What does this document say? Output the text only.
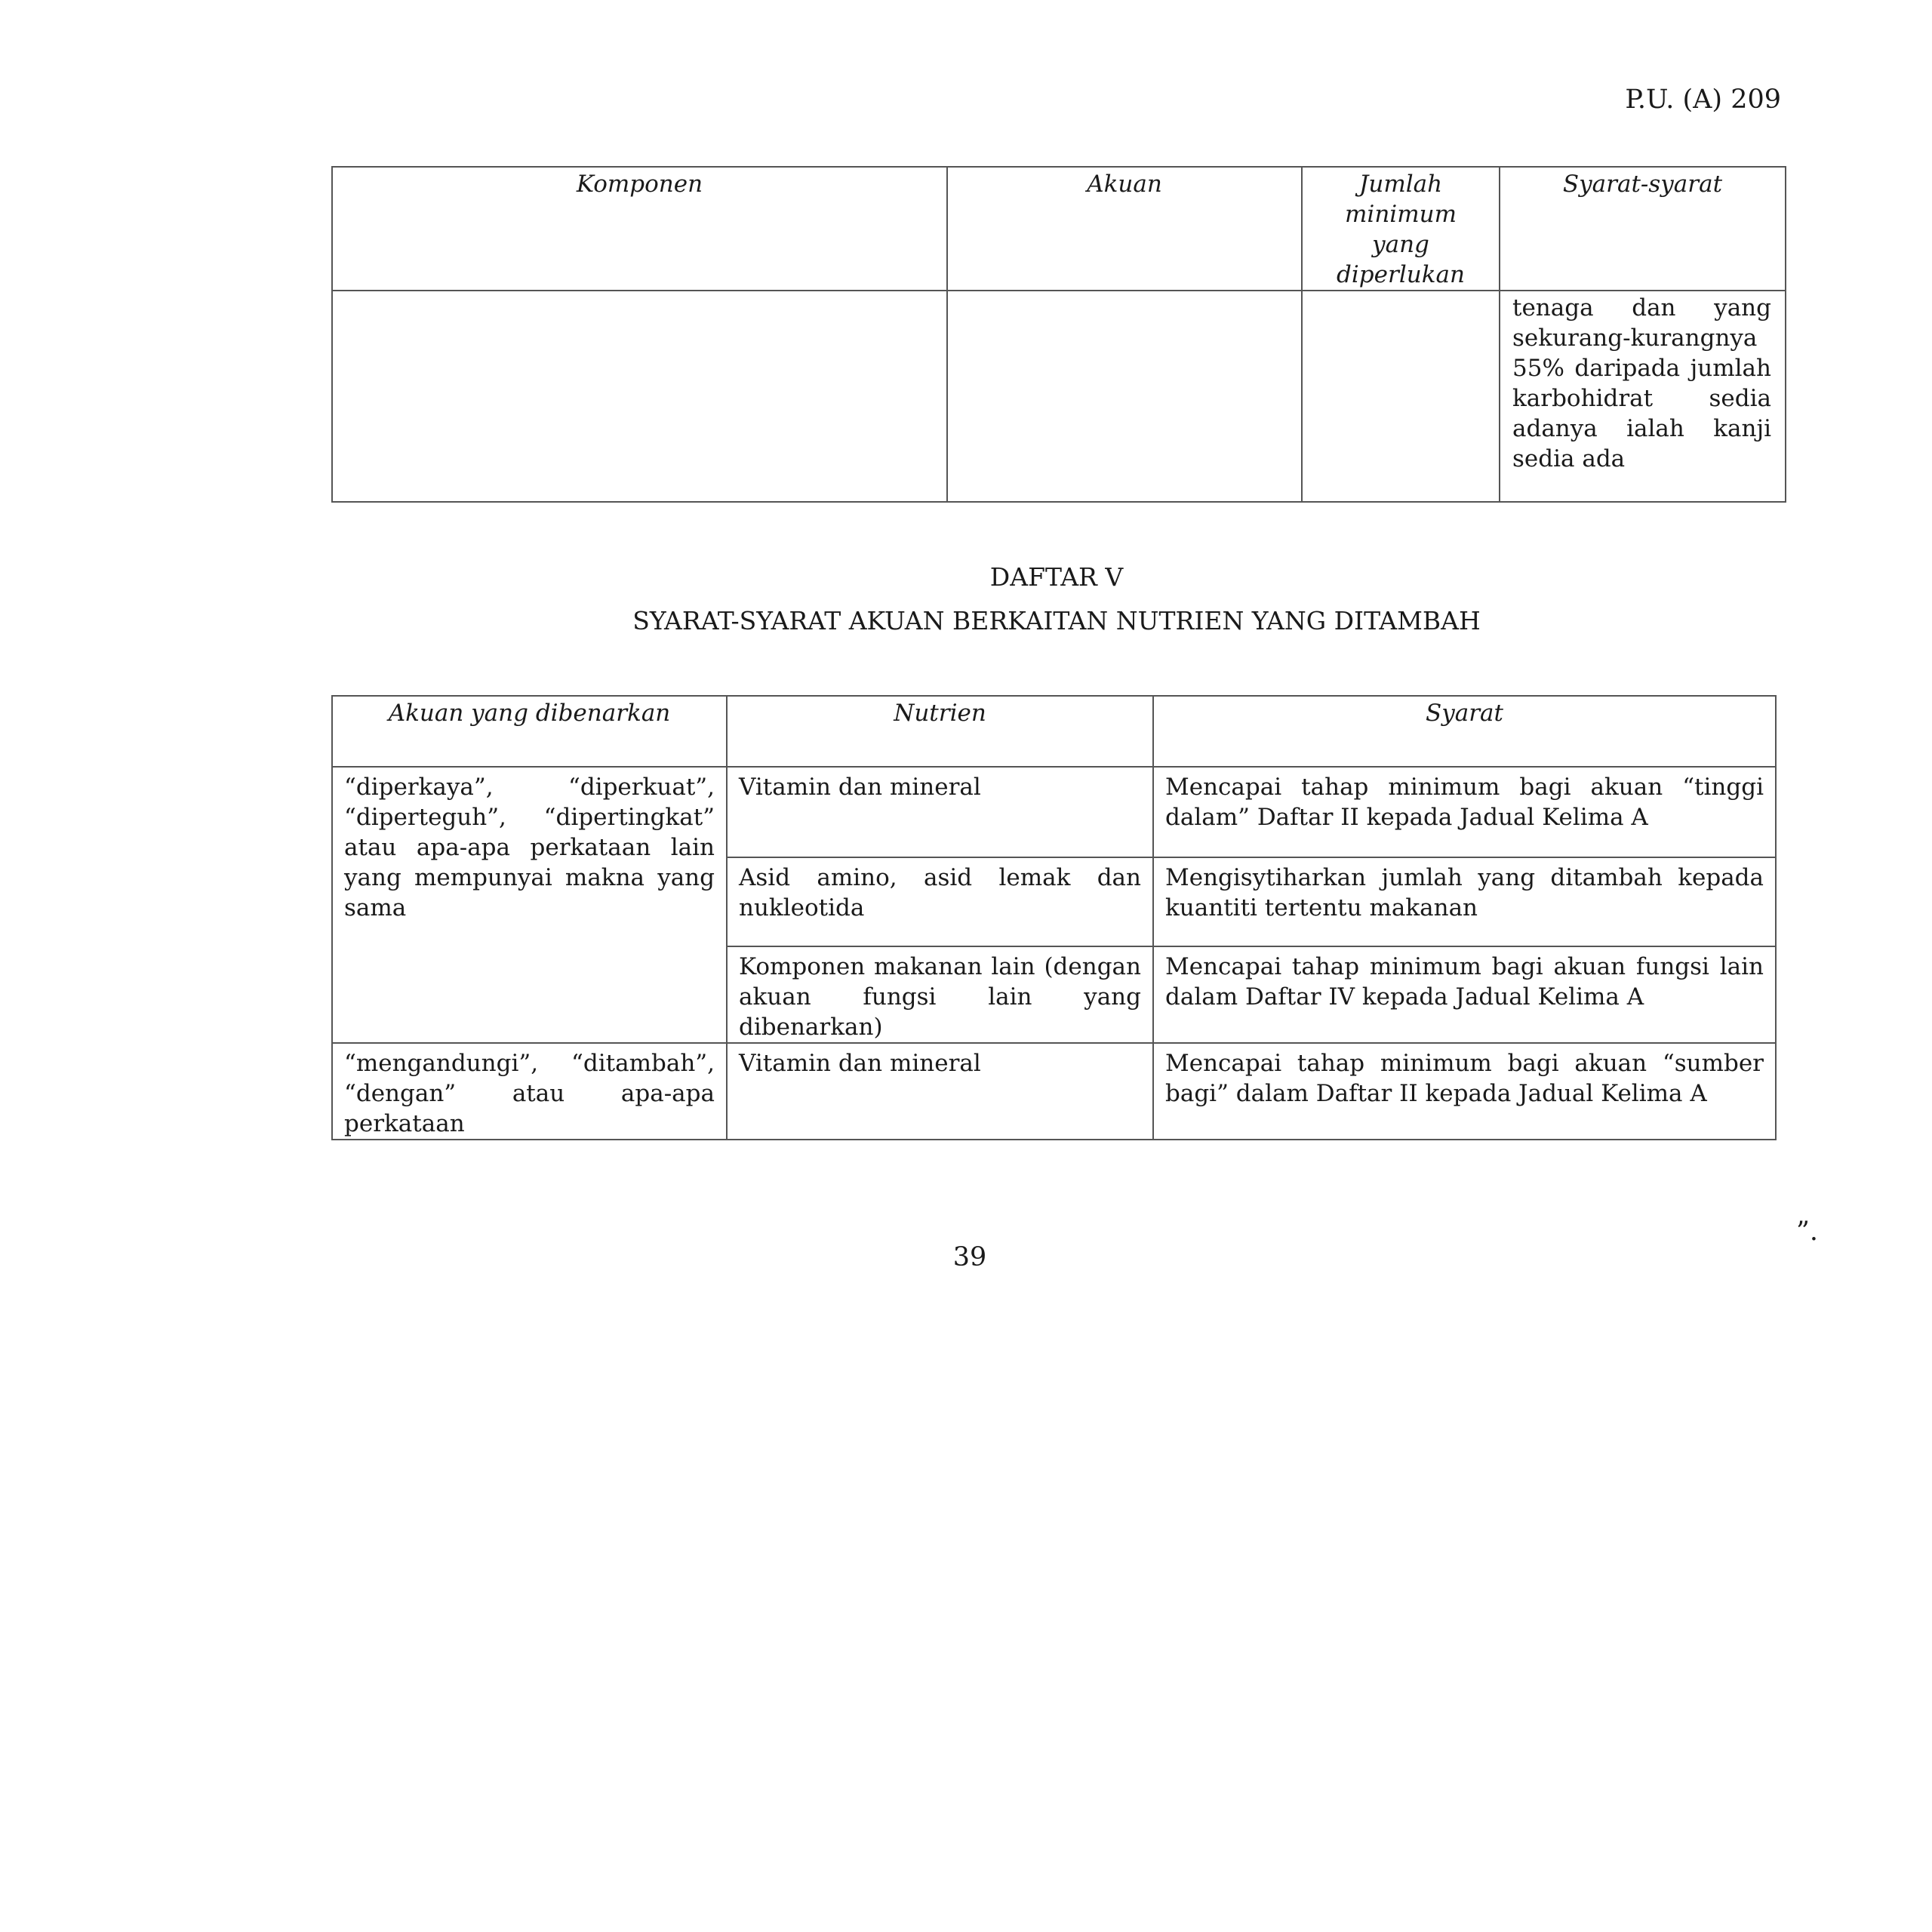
P.U. (A) 209
Komponen	Akuan	Jumlah minimum yang diperlukan	Syarat-syarat
			tenaga dan yang sekurang-kurangnya 55% daripada jumlah karbohidrat sedia adanya ialah kanji sedia ada
DAFTAR V
SYARAT-SYARAT AKUAN BERKAITAN NUTRIEN YANG DITAMBAH
Akuan yang dibenarkan	Nutrien	Syarat
“diperkaya”, “diperkuat”, “diperteguh”, “dipertingkat” atau apa-apa perkataan lain yang mempunyai makna yang sama	Vitamin dan mineral	Mencapai tahap minimum bagi akuan “tinggi dalam” Daftar II kepada Jadual Kelima A
	Asid amino, asid lemak dan nukleotida	Mengisytiharkan jumlah yang ditambah kepada kuantiti tertentu makanan
	Komponen makanan lain (dengan akuan fungsi lain yang dibenarkan)	Mencapai tahap minimum bagi akuan fungsi lain dalam Daftar IV kepada Jadual Kelima A
“mengandungi”, “ditambah”, “dengan” atau apa-apa perkataan	Vitamin dan mineral	Mencapai tahap minimum bagi akuan “sumber bagi” dalam Daftar II kepada Jadual Kelima A
”.
39
